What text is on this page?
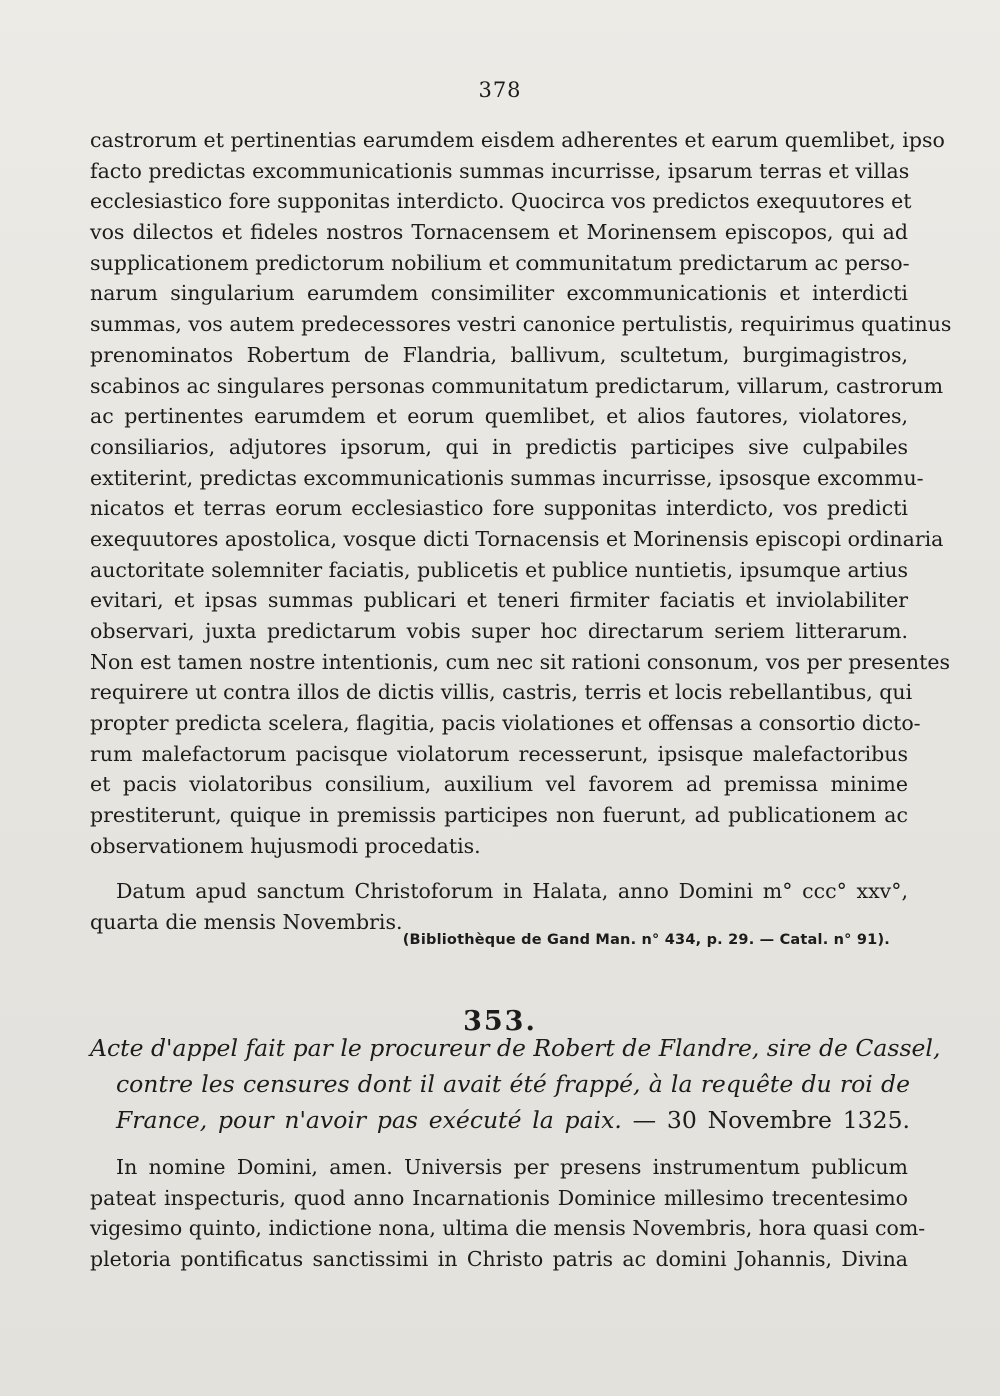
378
castrorum et pertinentias earumdem eisdem adherentes et earum quemlibet, ipso
facto predictas excommunicationis summas incurrisse, ipsarum terras et villas
ecclesiastico fore supponitas interdicto. Quocirca vos predictos exequutores et
vos dilectos et fideles nostros Tornacensem et Morinensem episcopos, qui ad
supplicationem predictorum nobilium et communitatum predictarum ac perso-
narum singularium earumdem consimiliter excommunicationis et interdicti
summas, vos autem predecessores vestri canonice pertulistis, requirimus quatinus
prenominatos Robertum de Flandria, ballivum, scultetum, burgimagistros,
scabinos ac singulares personas communitatum predictarum, villarum, castrorum
ac pertinentes earumdem et eorum quemlibet, et alios fautores, violatores,
consiliarios, adjutores ipsorum, qui in predictis participes sive culpabiles
extiterint, predictas excommunicationis summas incurrisse, ipsosque excommu-
nicatos et terras eorum ecclesiastico fore supponitas interdicto, vos predicti
exequutores apostolica, vosque dicti Tornacensis et Morinensis episcopi ordinaria
auctoritate solemniter faciatis, publicetis et publice nuntietis, ipsumque artius
evitari, et ipsas summas publicari et teneri firmiter faciatis et inviolabiliter
observari, juxta predictarum vobis super hoc directarum seriem litterarum.
Non est tamen nostre intentionis, cum nec sit rationi consonum, vos per presentes
requirere ut contra illos de dictis villis, castris, terris et locis rebellantibus, qui
propter predicta scelera, flagitia, pacis violationes et offensas a consortio dicto-
rum malefactorum pacisque violatorum recesserunt, ipsisque malefactoribus
et pacis violatoribus consilium, auxilium vel favorem ad premissa minime
prestiterunt, quique in premissis participes non fuerunt, ad publicationem ac
observationem hujusmodi procedatis.
Datum apud sanctum Christoforum in Halata, anno Domini m° ccc° xxv°,
quarta die mensis Novembris.
(Bibliothèque de Gand Man. n° 434, p. 29. — Catal. n° 91).
353.
Acte d'appel fait par le procureur de Robert de Flandre, sire de Cassel,
contre les censures dont il avait été frappé, à la requête du roi de
France, pour n'avoir pas exécuté la paix. — 30 Novembre 1325.
In nomine Domini, amen. Universis per presens instrumentum publicum
pateat inspecturis, quod anno Incarnationis Dominice millesimo trecentesimo
vigesimo quinto, indictione nona, ultima die mensis Novembris, hora quasi com-
pletoria pontificatus sanctissimi in Christo patris ac domini Johannis, Divina
